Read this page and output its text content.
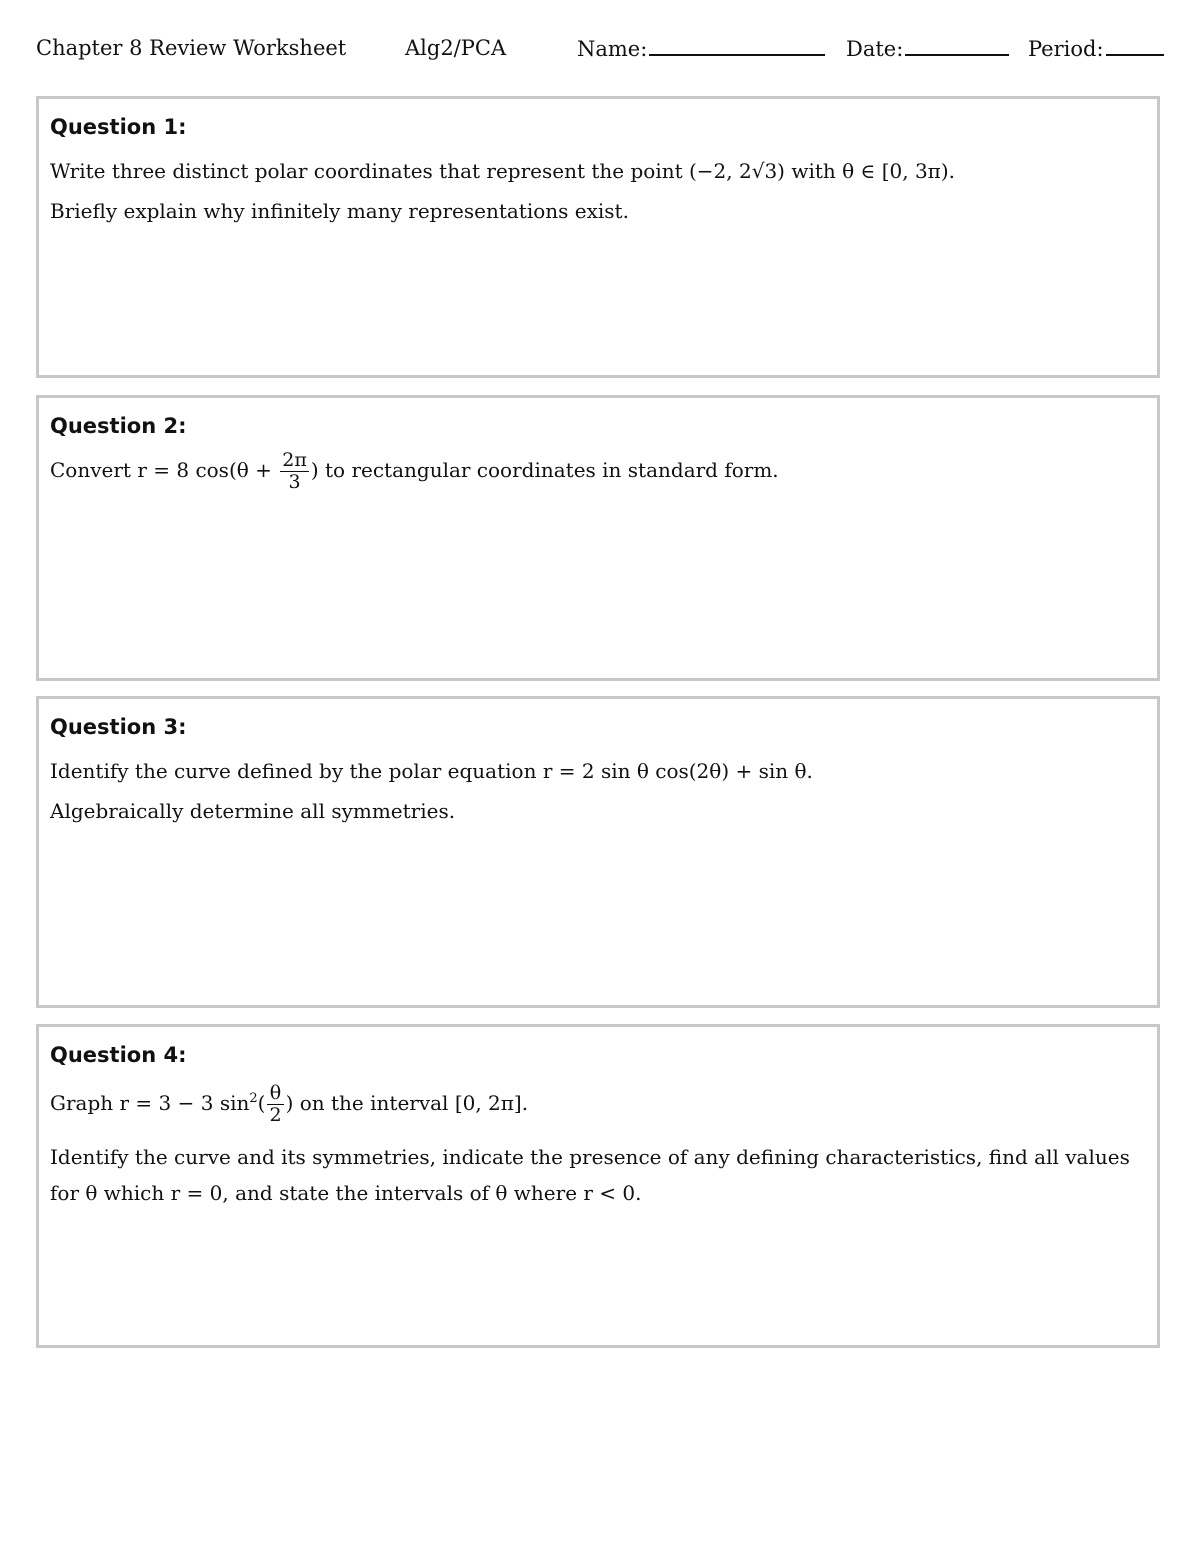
Chapter 8 Review Worksheet	Alg2/PCA	Name:	Date:	Period:
Question 1:
Write three distinct polar coordinates that represent the point (−2, 2√3) with θ ∈ [0, 3π).
Briefly explain why infinitely many representations exist.
Question 2:
Convert r = 8 $\cos(\theta + \frac{2\pi}{3}$ ) to rectangular coordinates in standard form.
Question 3:
Identify the curve defined by the polar equation r = 2 sin θ cos(2θ) + sin θ.
Algebraically determine all symmetries.
Question 4:
Graph r = 3 − 3 $\sin^2( \frac{\theta}{2}$ ) on the interval [0, 2π].
Identify the curve and its symmetries, indicate the presence of any defining characteristics, find all values
for θ which r = 0, and state the intervals of θ where r < 0.
